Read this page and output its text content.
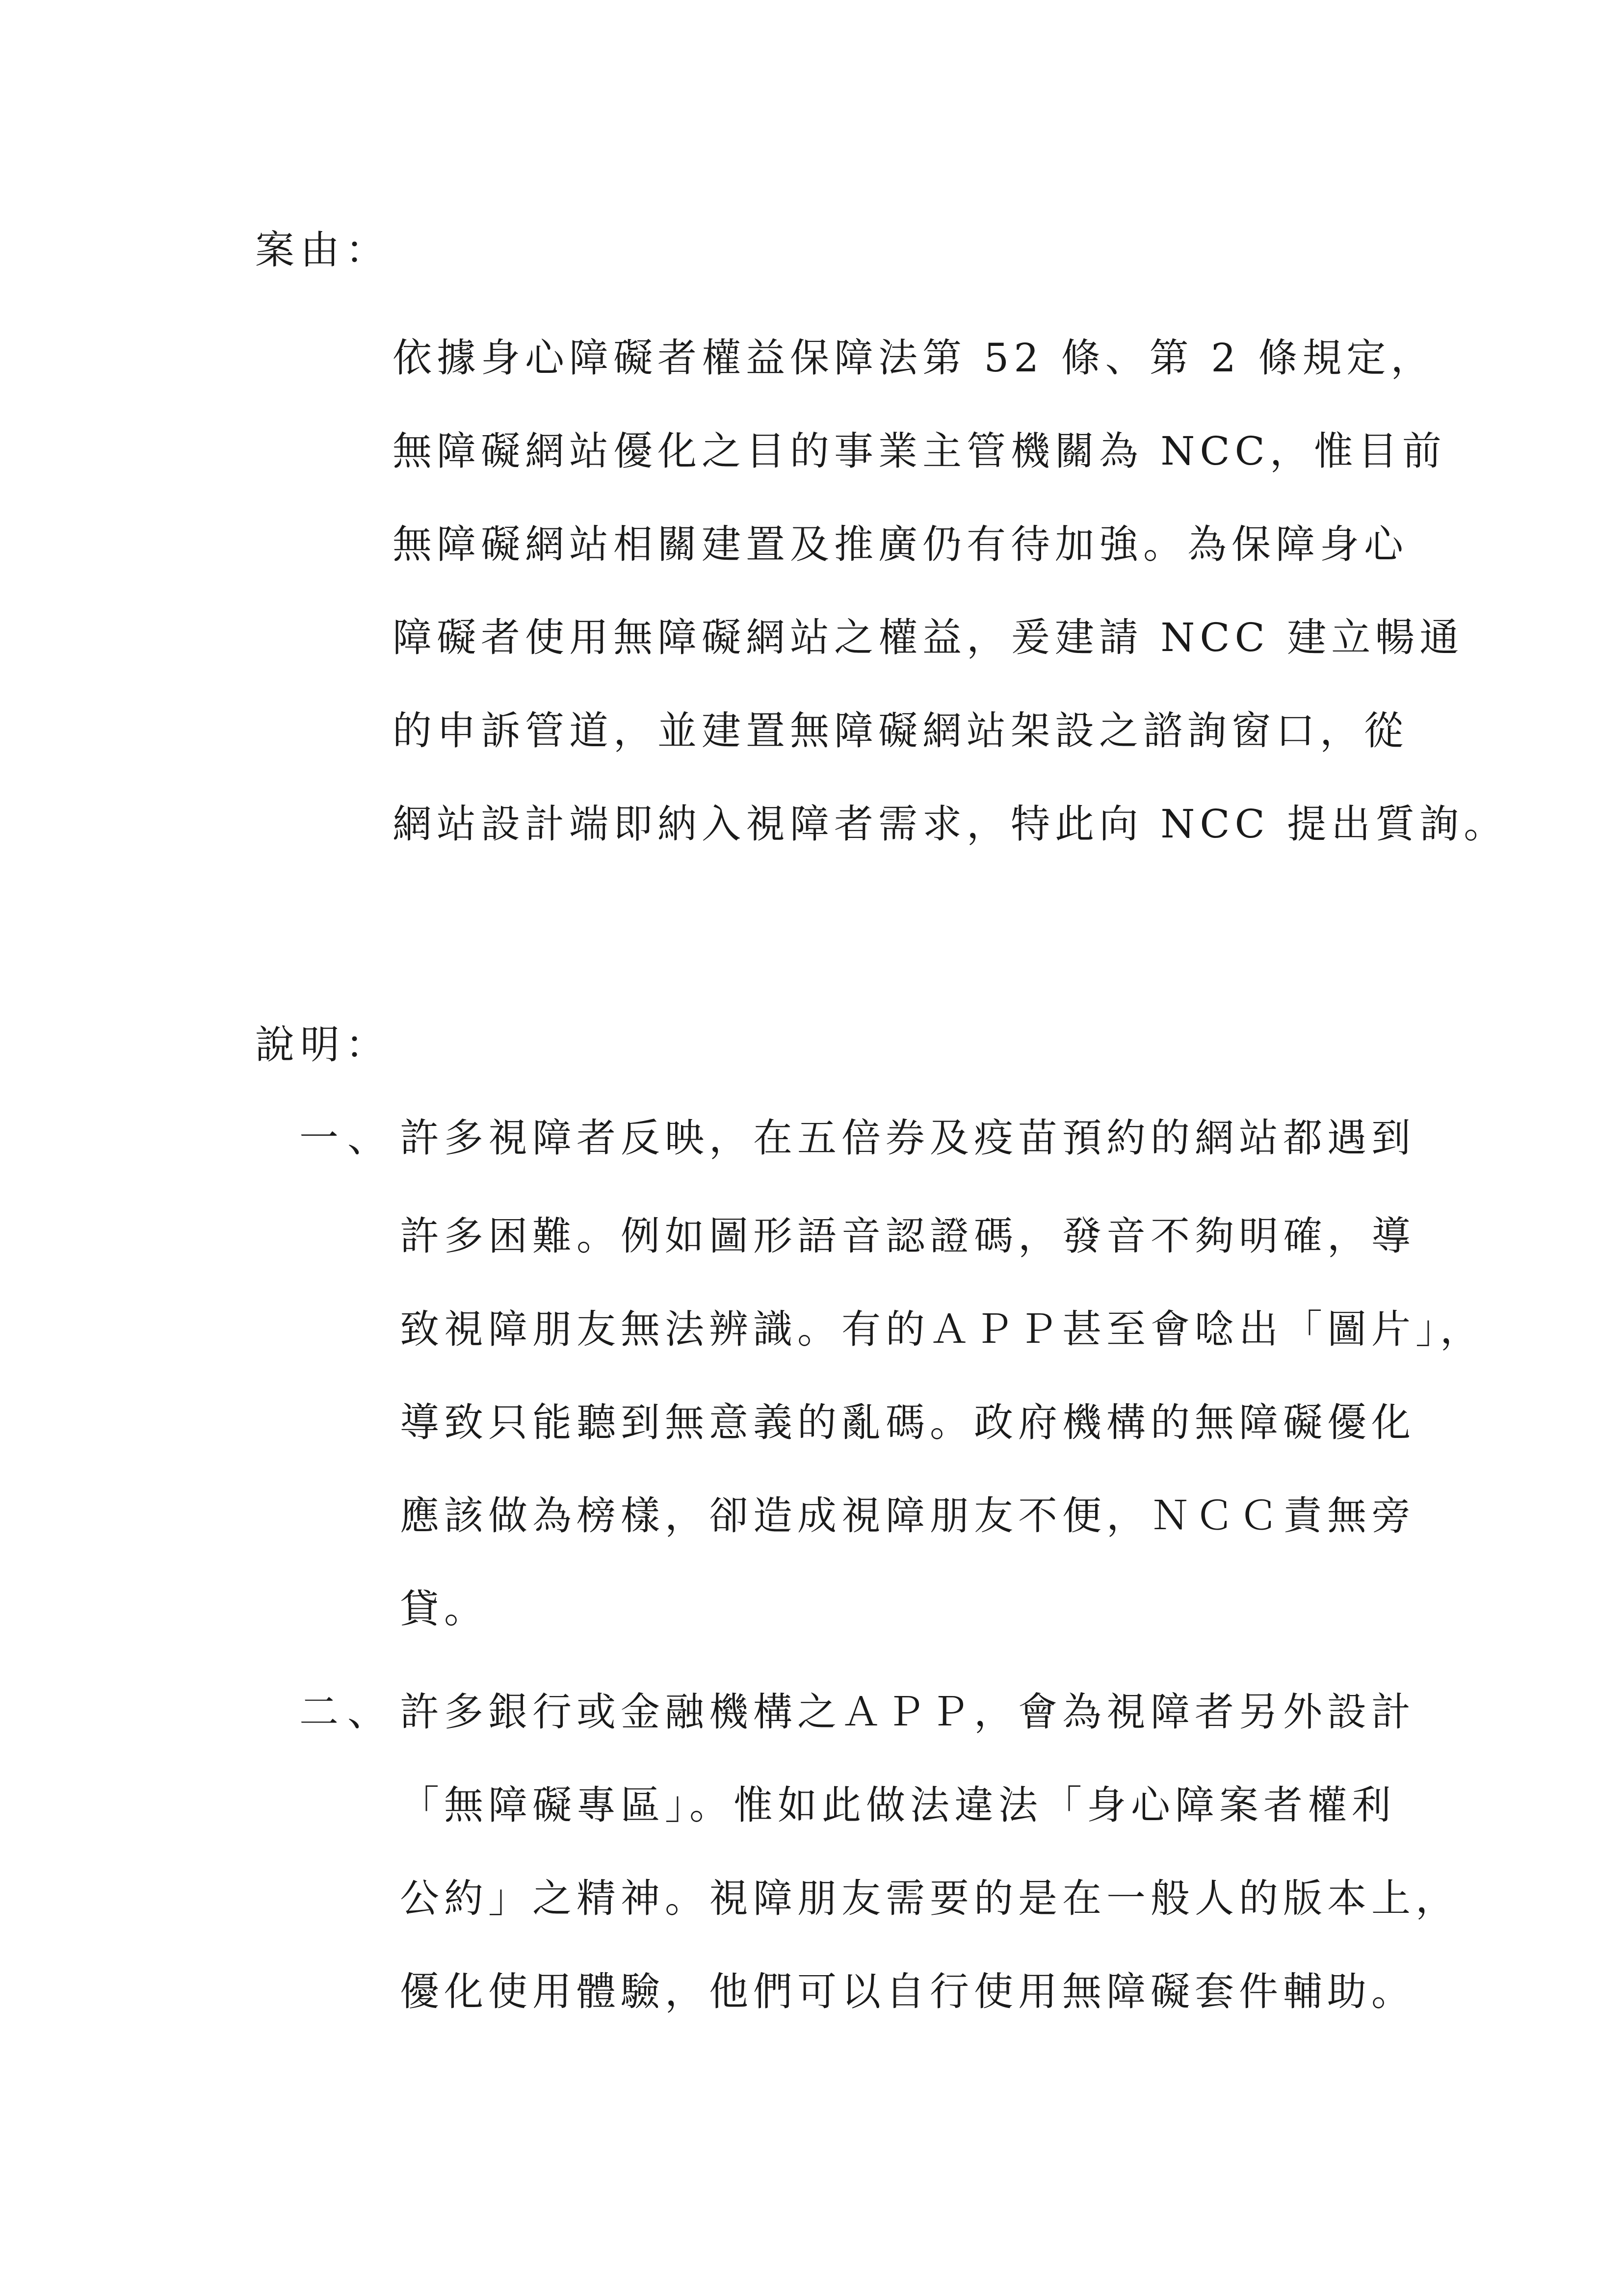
案由：
依據身心障礙者權益保障法第 52 條、第 2 條規定，
無障礙網站優化之目的事業主管機關為 NCC，惟目前
無障礙網站相關建置及推廣仍有待加強。為保障身心
障礙者使用無障礙網站之權益，爰建請 NCC 建立暢通
的申訴管道，並建置無障礙網站架設之諮詢窗口，從
網站設計端即納入視障者需求，特此向 NCC 提出質詢。
說明：
一、 許多視障者反映，在五倍券及疫苗預約的網站都遇到
許多困難。例如圖形語音認證碼，發音不夠明確，導
致視障朋友無法辨識。有的ＡＰＰ甚至會唸出「圖片」，
導致只能聽到無意義的亂碼。政府機構的無障礙優化
應該做為榜樣，卻造成視障朋友不便，ＮＣＣ責無旁
貸。
二、 許多銀行或金融機構之ＡＰＰ，會為視障者另外設計
「無障礙專區」。惟如此做法違法「身心障案者權利
公約」之精神。視障朋友需要的是在一般人的版本上，
優化使用體驗，他們可以自行使用無障礙套件輔助。
